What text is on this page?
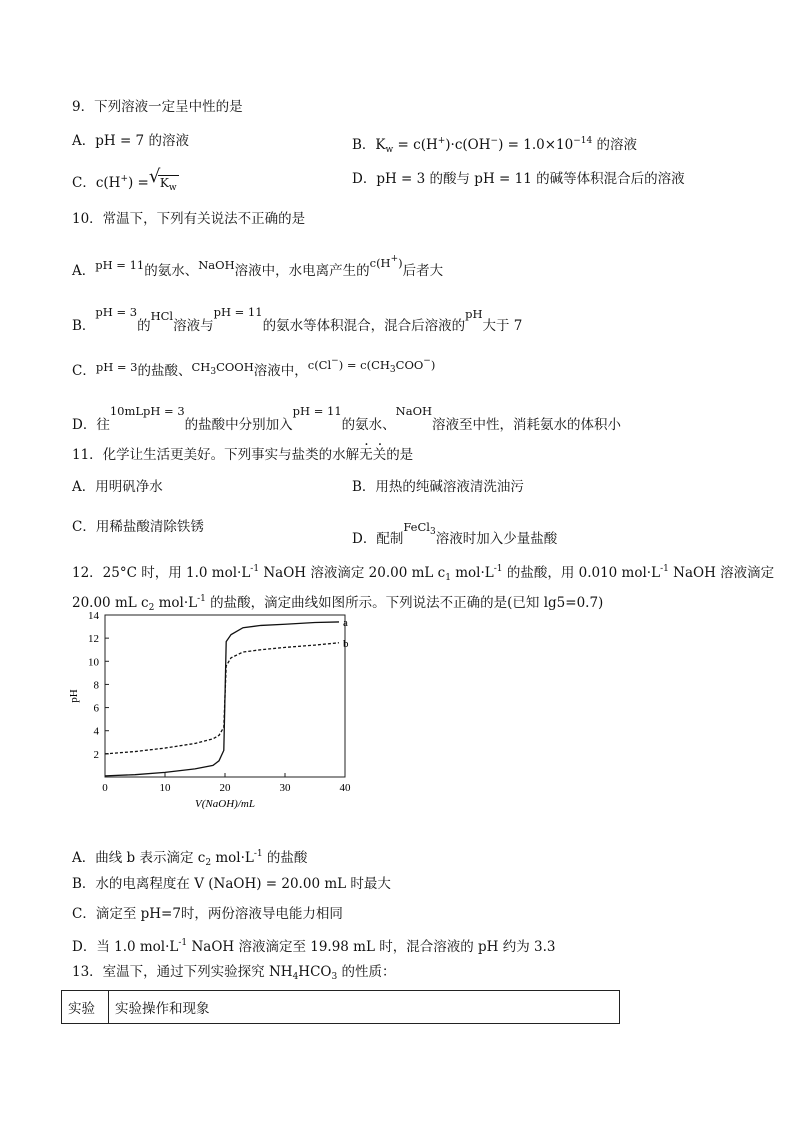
9．下列溶液一定呈中性的是
A．pH = 7 的溶液	B．$K_w = c(H^+)\cdot c(OH^-) = 1.0\times 10^{-14}$ 的溶液
C．c(H+) = √ $K_w$
D．pH = 3 的酸与 pH = 11 的碱等体积混合后的溶液
10．常温下，下列有关说法不正确的是
A．pH = 11的氨水、NaOH溶液中，水电离产生的c(H+)后者大
B．pH = 3的HCl溶液与pH = 11的氨水等体积混合，混合后溶液的pH大于 7
C．pH = 3的盐酸、$CH_3COOH$溶液中，$c(Cl^-) = c(CH_3COO^-)$
D．往10mLpH = 3的盐酸中分别加入pH = 11的氨水、NaOH溶液至中性，消耗氨水的体积小
11．化学让生活更美好。下列事实与盐类的水解无关的是
A．用明矾净水	B．用热的纯碱溶液清洗油污
C．用稀盐酸清除铁锈
D．配制FeCl$_3$溶液时加入少量盐酸
12．25°C 时，用 1.0 $mol\cdot L^{-1}$ NaOH 溶液滴定 20.00 mL $c_1$ $mol\cdot L^{-1}$ 的盐酸，用 0.010 $mol\cdot L^{-1}$ NaOH 溶液滴定
20.00 mL $c_2$ $mol\cdot L^{-1}$ 的盐酸，滴定曲线如图所示。下列说法不正确的是(已知 lg5=0.7)
0	10	20	30	40
2
4
6
8
10
12
14
V(NaOH)/mL
pH
a
b
A．曲线 b 表示滴定 $c_2$ $mol\cdot L^{-1}$ 的盐酸
B．水的电离程度在 V (NaOH) = 20.00 mL 时最大
C．滴定至 pH=7时，两份溶液导电能力相同
D．当 1.0 $mol\cdot L^{-1}$ NaOH 溶液滴定至 19.98 mL 时，混合溶液的 pH 约为 3.3
13．室温下，通过下列实验探究 $NH_4HCO_3$ 的性质：
实验	实验操作和现象
